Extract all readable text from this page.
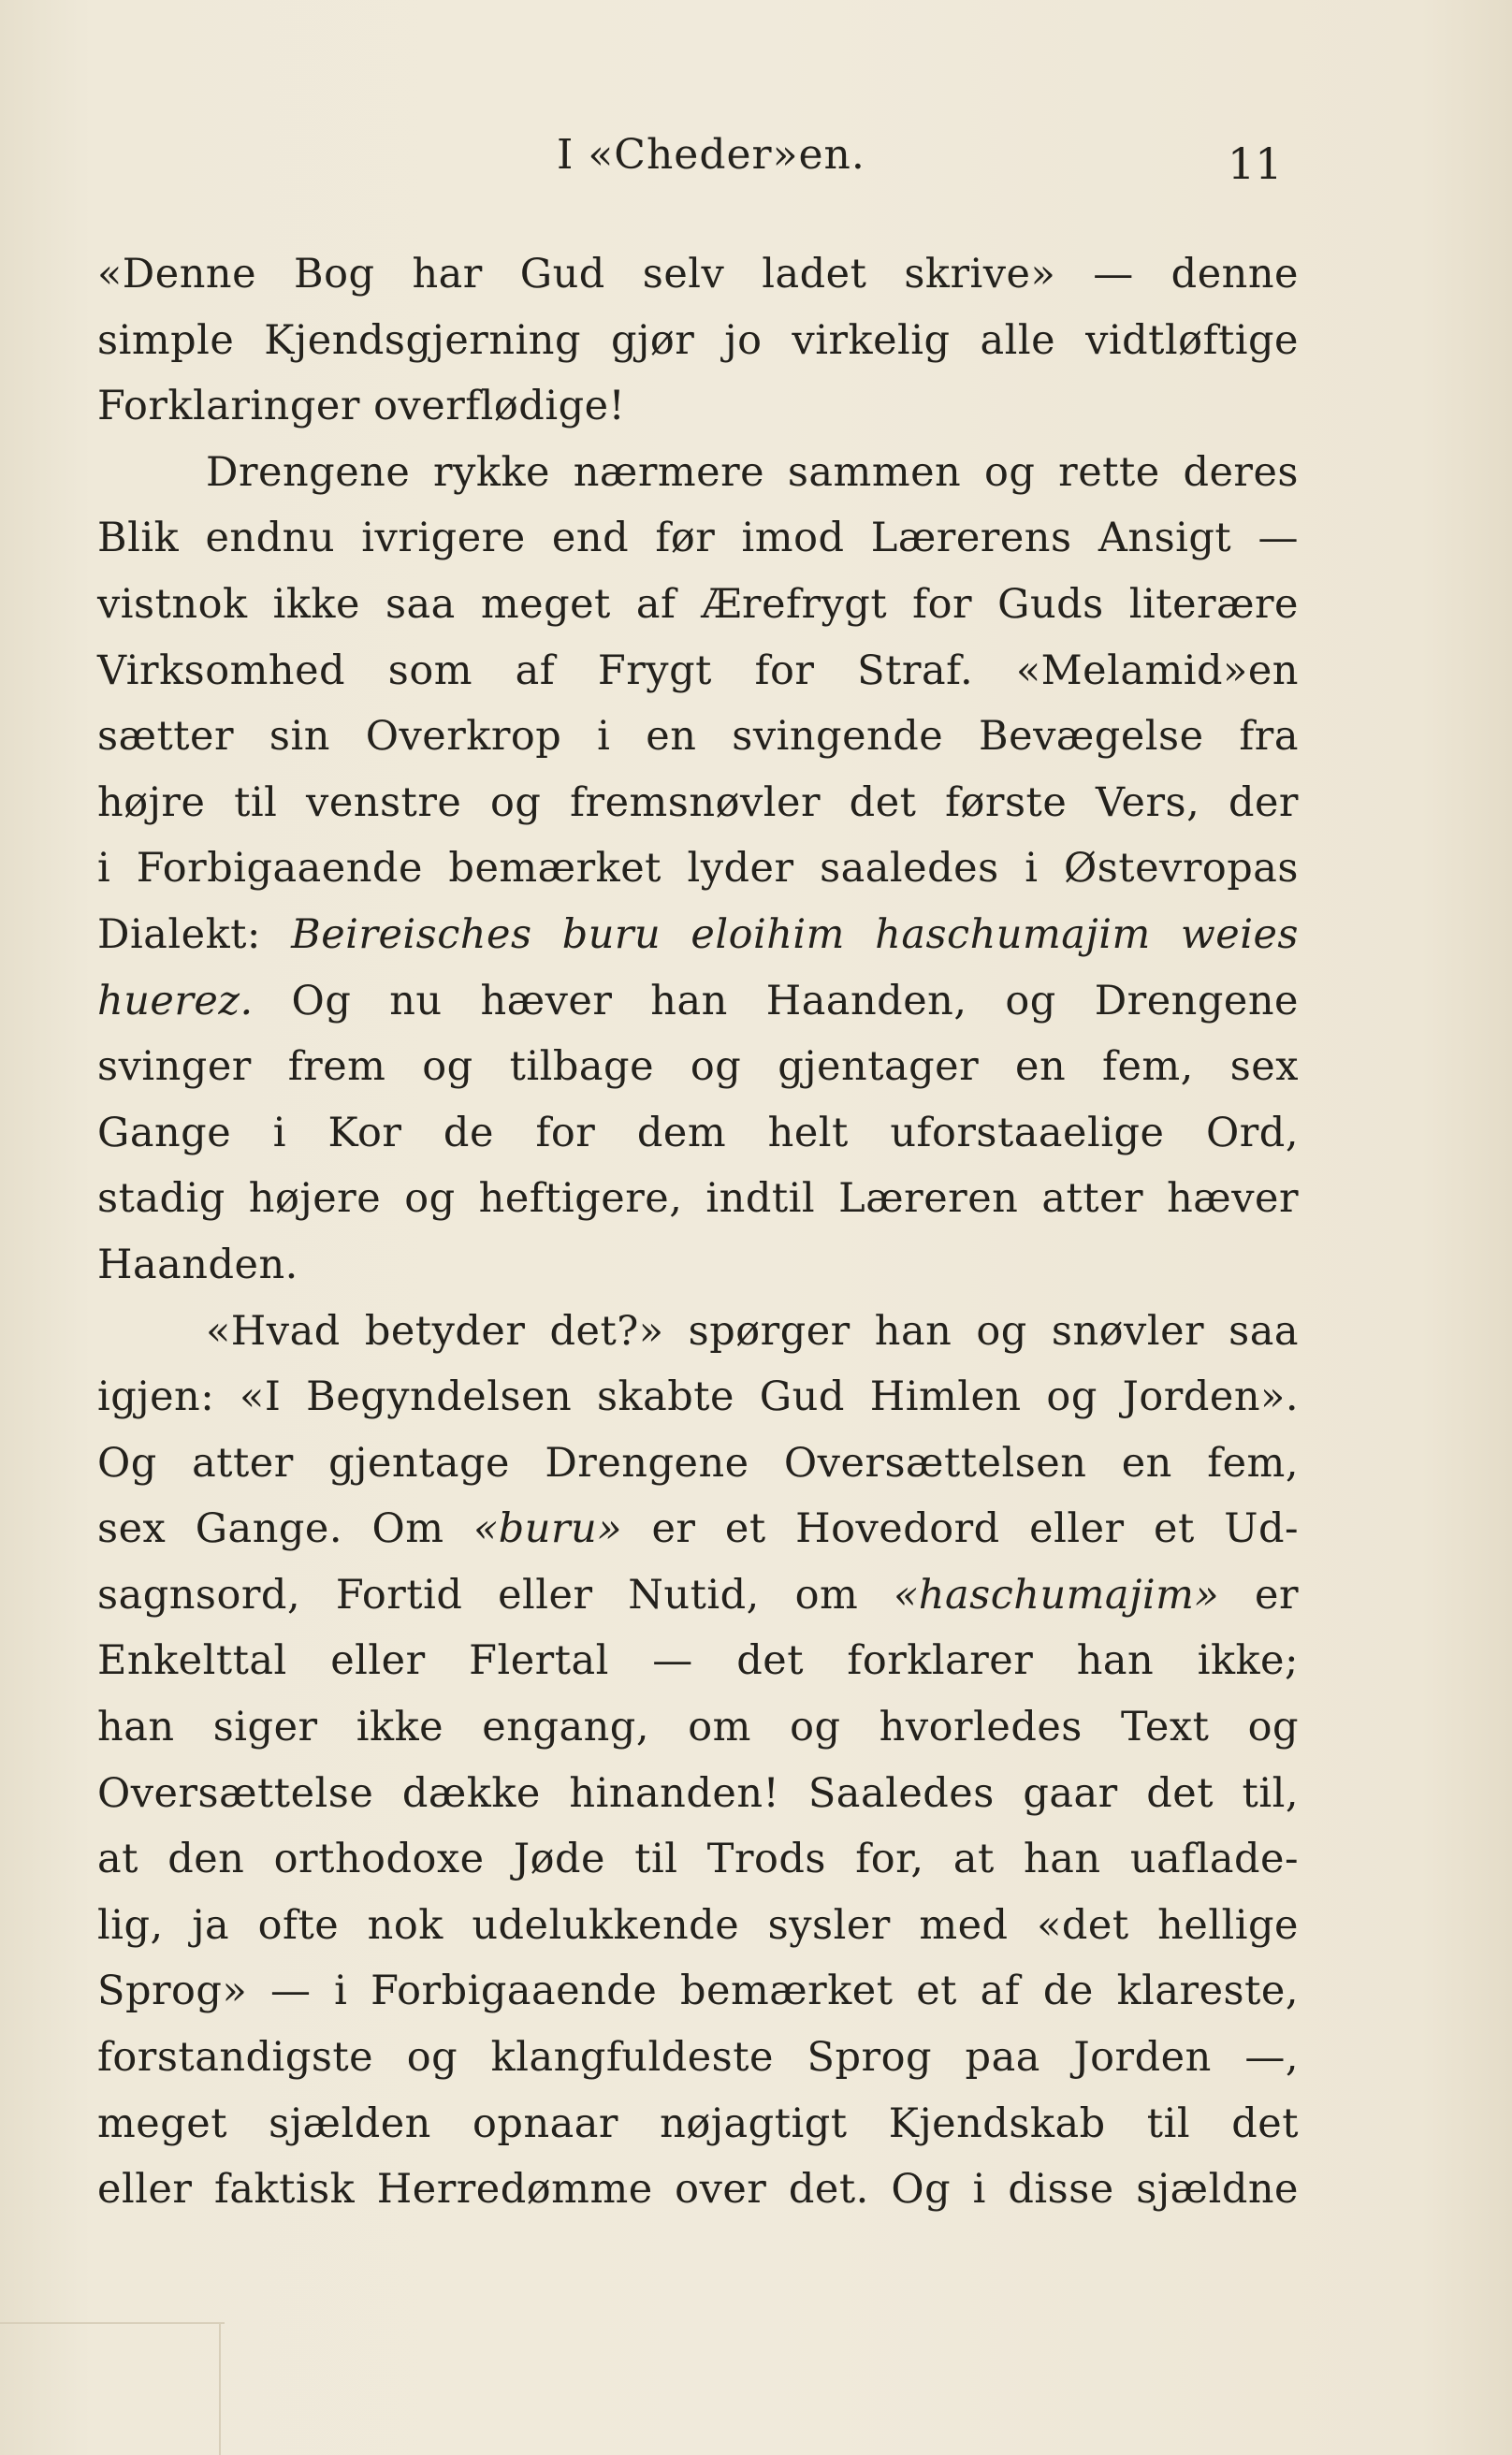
I «Cheder»en.	11
«Denne Bog har Gud selv ladet skrive» — denne
simple Kjendsgjerning gjør jo virkelig alle vidtløftige
Forklaringer overflødige!
Drengene rykke nærmere sammen og rette deres
Blik endnu ivrigere end før imod Lærerens Ansigt —
vistnok ikke saa meget af Ærefrygt for Guds literære
Virksomhed som af Frygt for Straf. «Melamid»en
sætter sin Overkrop i en svingende Bevægelse fra
højre til venstre og fremsnøvler det første Vers, der
i Forbigaaende bemærket lyder saaledes i Østevropas
Dialekt: Beireisches buru eloihim haschumajim weies
huerez. Og nu hæver han Haanden, og Drengene
svinger frem og tilbage og gjentager en fem, sex
Gange i Kor de for dem helt uforstaaelige Ord,
stadig højere og heftigere, indtil Læreren atter hæver
Haanden.
«Hvad betyder det?» spørger han og snøvler saa
igjen: «I Begyndelsen skabte Gud Himlen og Jorden».
Og atter gjentage Drengene Oversættelsen en fem,
sex Gange. Om «buru» er et Hovedord eller et Ud-
sagnsord, Fortid eller Nutid, om «haschumajim» er
Enkelttal eller Flertal — det forklarer han ikke;
han siger ikke engang, om og hvorledes Text og
Oversættelse dække hinanden! Saaledes gaar det til,
at den orthodoxe Jøde til Trods for, at han uaflade-
lig, ja ofte nok udelukkende sysler med «det hellige
Sprog» — i Forbigaaende bemærket et af de klareste,
forstandigste og klangfuldeste Sprog paa Jorden —,
meget sjælden opnaar nøjagtigt Kjendskab til det
eller faktisk Herredømme over det. Og i disse sjældne
